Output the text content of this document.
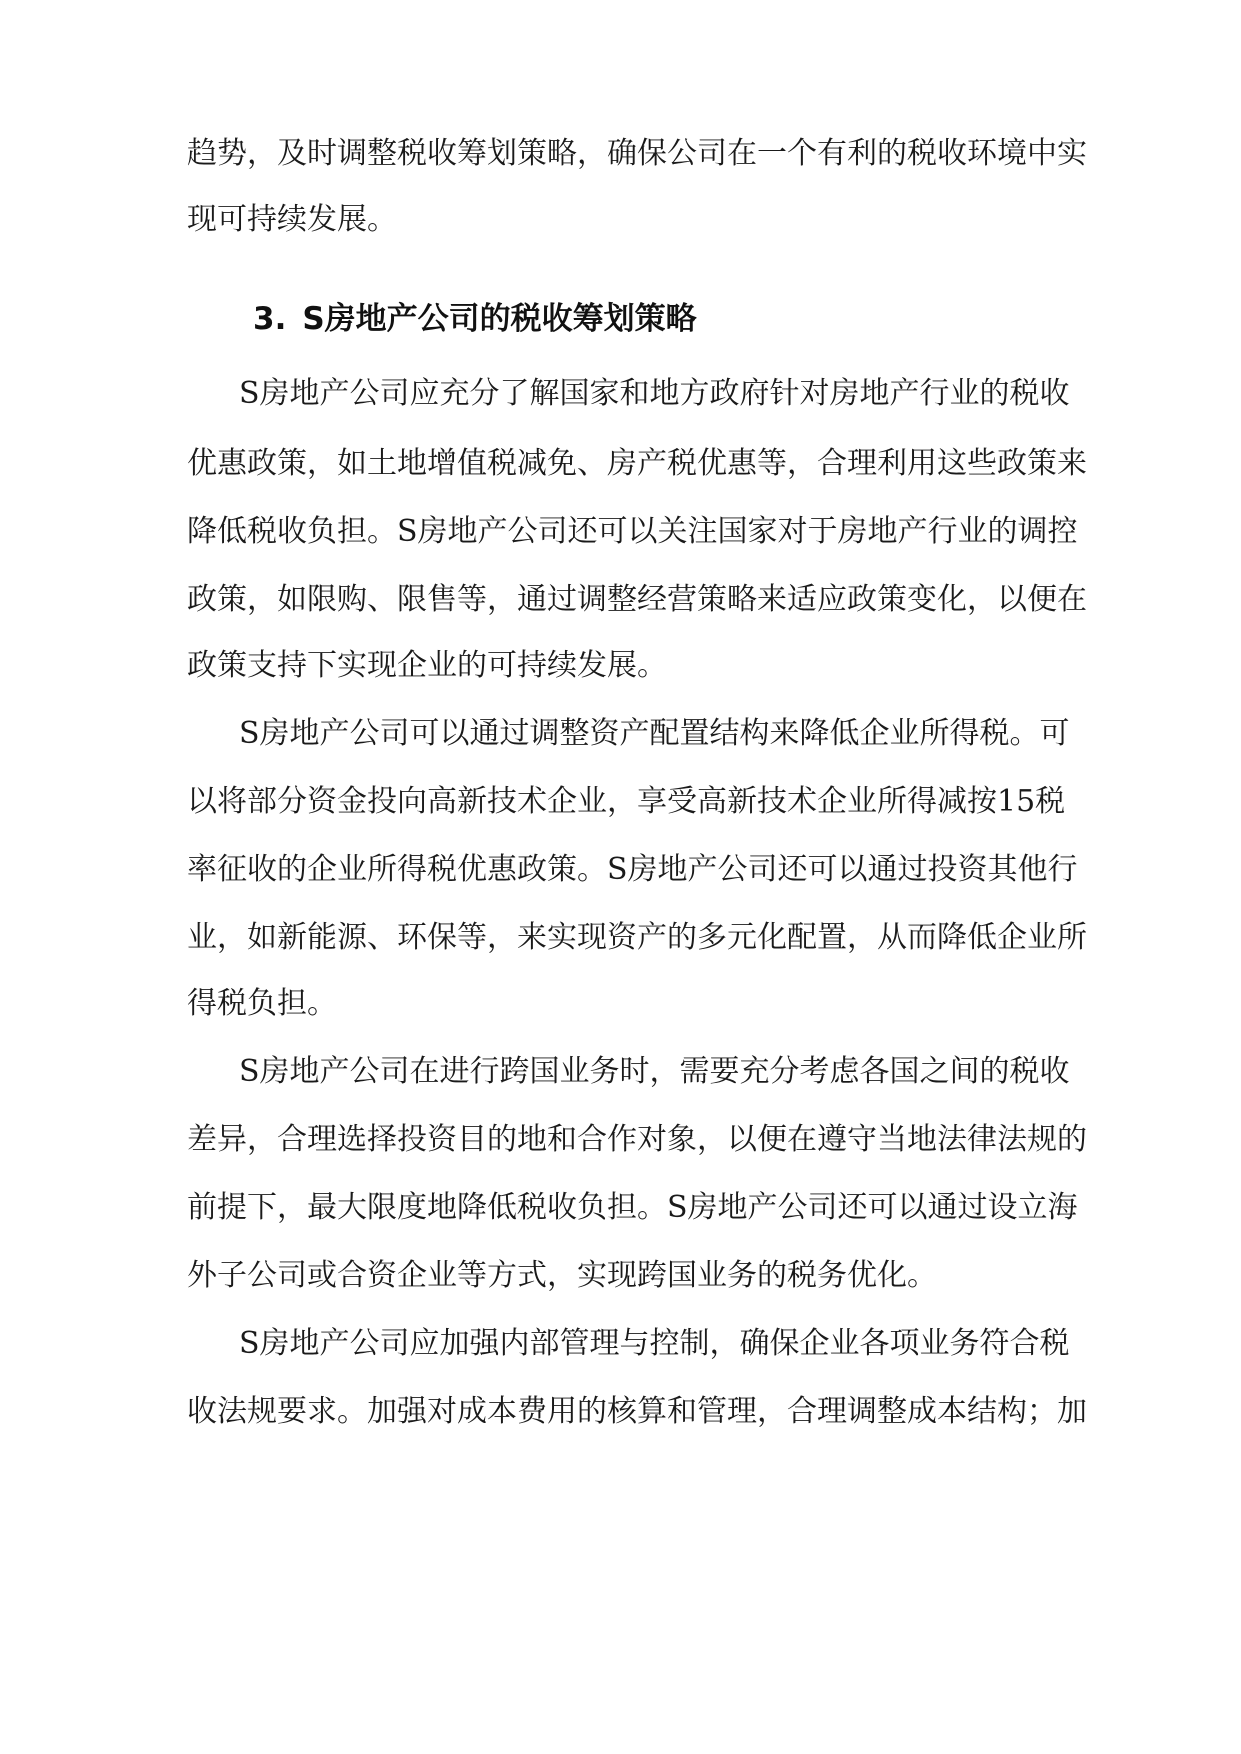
趋势，及时调整税收筹划策略，确保公司在一个有利的税收环境中实
现可持续发展。
3. S房地产公司的税收筹划策略
S房地产公司应充分了解国家和地方政府针对房地产行业的税收
优惠政策，如土地增值税减免、房产税优惠等，合理利用这些政策来
降低税收负担。S房地产公司还可以关注国家对于房地产行业的调控
政策，如限购、限售等，通过调整经营策略来适应政策变化，以便在
政策支持下实现企业的可持续发展。
S房地产公司可以通过调整资产配置结构来降低企业所得税。可
以将部分资金投向高新技术企业，享受高新技术企业所得减按15税
率征收的企业所得税优惠政策。S房地产公司还可以通过投资其他行
业，如新能源、环保等，来实现资产的多元化配置，从而降低企业所
得税负担。
S房地产公司在进行跨国业务时，需要充分考虑各国之间的税收
差异，合理选择投资目的地和合作对象，以便在遵守当地法律法规的
前提下，最大限度地降低税收负担。S房地产公司还可以通过设立海
外子公司或合资企业等方式，实现跨国业务的税务优化。
S房地产公司应加强内部管理与控制，确保企业各项业务符合税
收法规要求。加强对成本费用的核算和管理，合理调整成本结构；加
